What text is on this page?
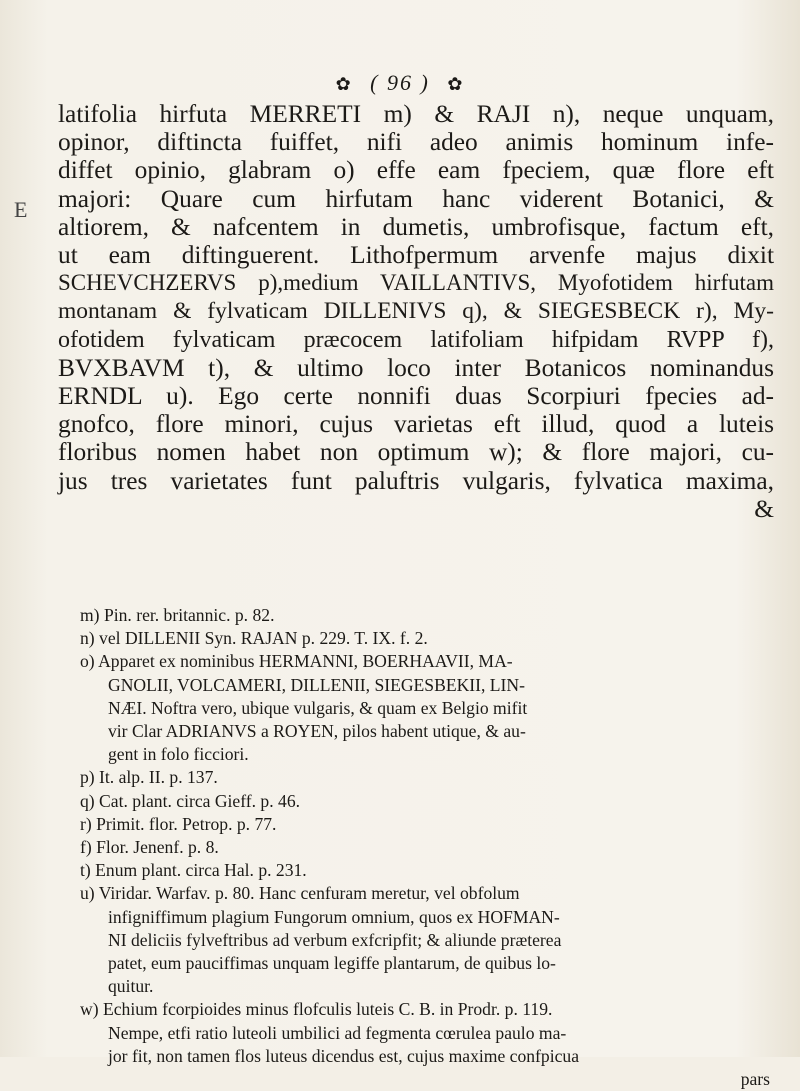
✿ ( 96 ) ✿
E
latifolia hirfuta MERRETI m) & RAJI n), neque unquam,
opinor, diftincta fuiffet, nifi adeo animis hominum infe-
diffet opinio, glabram o) effe eam fpeciem, quæ flore eft
majori: Quare cum hirfutam hanc viderent Botanici, &
altiorem, & nafcentem in dumetis, umbrofisque, factum eft,
ut eam diftinguerent. Lithofpermum arvenfe majus dixit
SCHEVCHZERVS p),medium VAILLANTIVS, Myofotidem hirfutam
montanam & fylvaticam DILLENIVS q), & SIEGESBECK r), My-
ofotidem fylvaticam præcocem latifoliam hifpidam RVPP f),
BVXBAVM t), & ultimo loco inter Botanicos nominandus
ERNDL u). Ego certe nonnifi duas Scorpiuri fpecies ad-
gnofco, flore minori, cujus varietas eft illud, quod a luteis
floribus nomen habet non optimum w); & flore majori, cu-
jus tres varietates funt paluftris vulgaris, fylvatica maxima,
&
m) Pin. rer. britannic. p. 82.
n) vel DILLENII Syn. RAJAN p. 229. T. IX. f. 2.
o) Apparet ex nominibus HERMANNI, BOERHAAVII, MA-
GNOLII, VOLCAMERI, DILLENII, SIEGESBEKII, LIN-
NÆI. Noftra vero, ubique vulgaris, & quam ex Belgio mifit
vir Clar ADRIANVS a ROYEN, pilos habent utique, & au-
gent in folo ficciori.
p) It. alp. II. p. 137.
q) Cat. plant. circa Gieff. p. 46.
r) Primit. flor. Petrop. p. 77.
f) Flor. Jenenf. p. 8.
t) Enum plant. circa Hal. p. 231.
u) Viridar. Warfav. p. 80. Hanc cenfuram meretur, vel obfolum
infigniffimum plagium Fungorum omnium, quos ex HOFMAN-
NI deliciis fylveftribus ad verbum exfcripfit; & aliunde præterea
patet, eum pauciffimas unquam legiffe plantarum, de quibus lo-
quitur.
w) Echium fcorpioides minus flofculis luteis C. B. in Prodr. p. 119.
Nempe, etfi ratio luteoli umbilici ad fegmenta cœrulea paulo ma-
jor fit, non tamen flos luteus dicendus est, cujus maxime confpicua
pars
